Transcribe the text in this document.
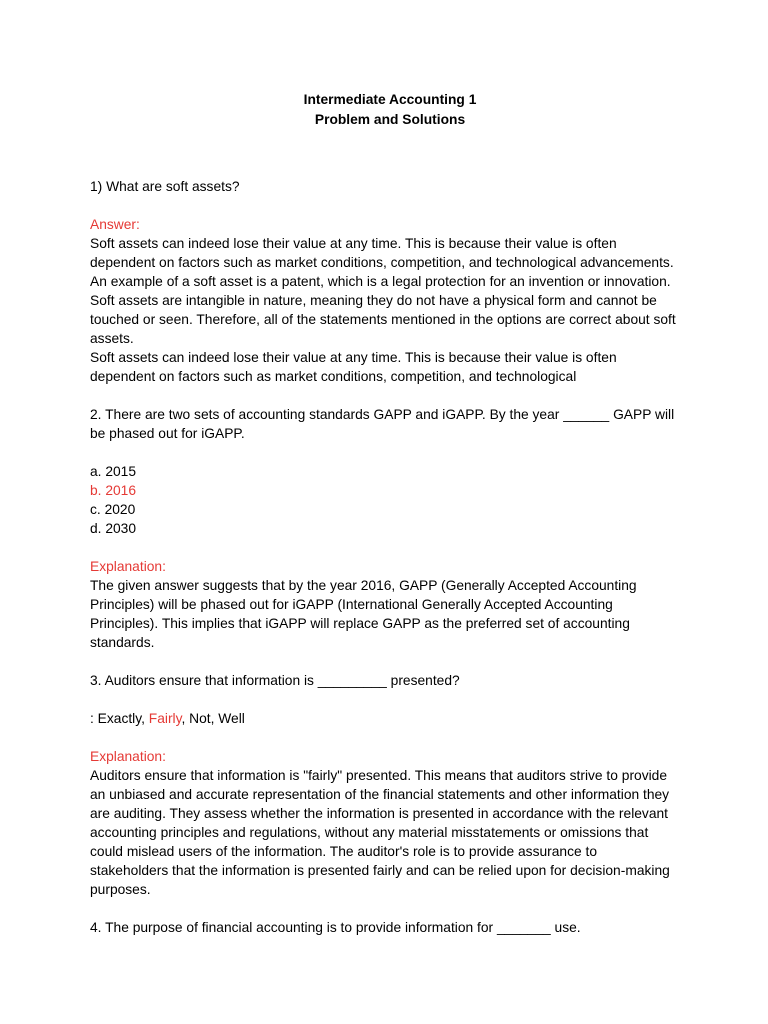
Intermediate Accounting 1

Problem and Solutions

1) What are soft assets?

Answer:

Soft assets can indeed lose their value at any time. This is because their value is often

dependent on factors such as market conditions, competition, and technological advancements.

An example of a soft asset is a patent, which is a legal protection for an invention or innovation.

Soft assets are intangible in nature, meaning they do not have a physical form and cannot be

touched or seen. Therefore, all of the statements mentioned in the options are correct about soft

assets.

Soft assets can indeed lose their value at any time. This is because their value is often

dependent on factors such as market conditions, competition, and technological

2. There are two sets of accounting standards GAPP and iGAPP. By the year ______ GAPP will

be phased out for iGAPP.

a. 2015

b. 2016

c. 2020

d. 2030

Explanation:

The given answer suggests that by the year 2016, GAPP (Generally Accepted Accounting

Principles) will be phased out for iGAPP (International Generally Accepted Accounting

Principles). This implies that iGAPP will replace GAPP as the preferred set of accounting

standards.

3. Auditors ensure that information is _________ presented?

: Exactly, Fairly, Not, Well

Explanation:

Auditors ensure that information is "fairly" presented. This means that auditors strive to provide

an unbiased and accurate representation of the financial statements and other information they

are auditing. They assess whether the information is presented in accordance with the relevant

accounting principles and regulations, without any material misstatements or omissions that

could mislead users of the information. The auditor's role is to provide assurance to

stakeholders that the information is presented fairly and can be relied upon for decision-making

purposes.

4. The purpose of financial accounting is to provide information for _______ use.
